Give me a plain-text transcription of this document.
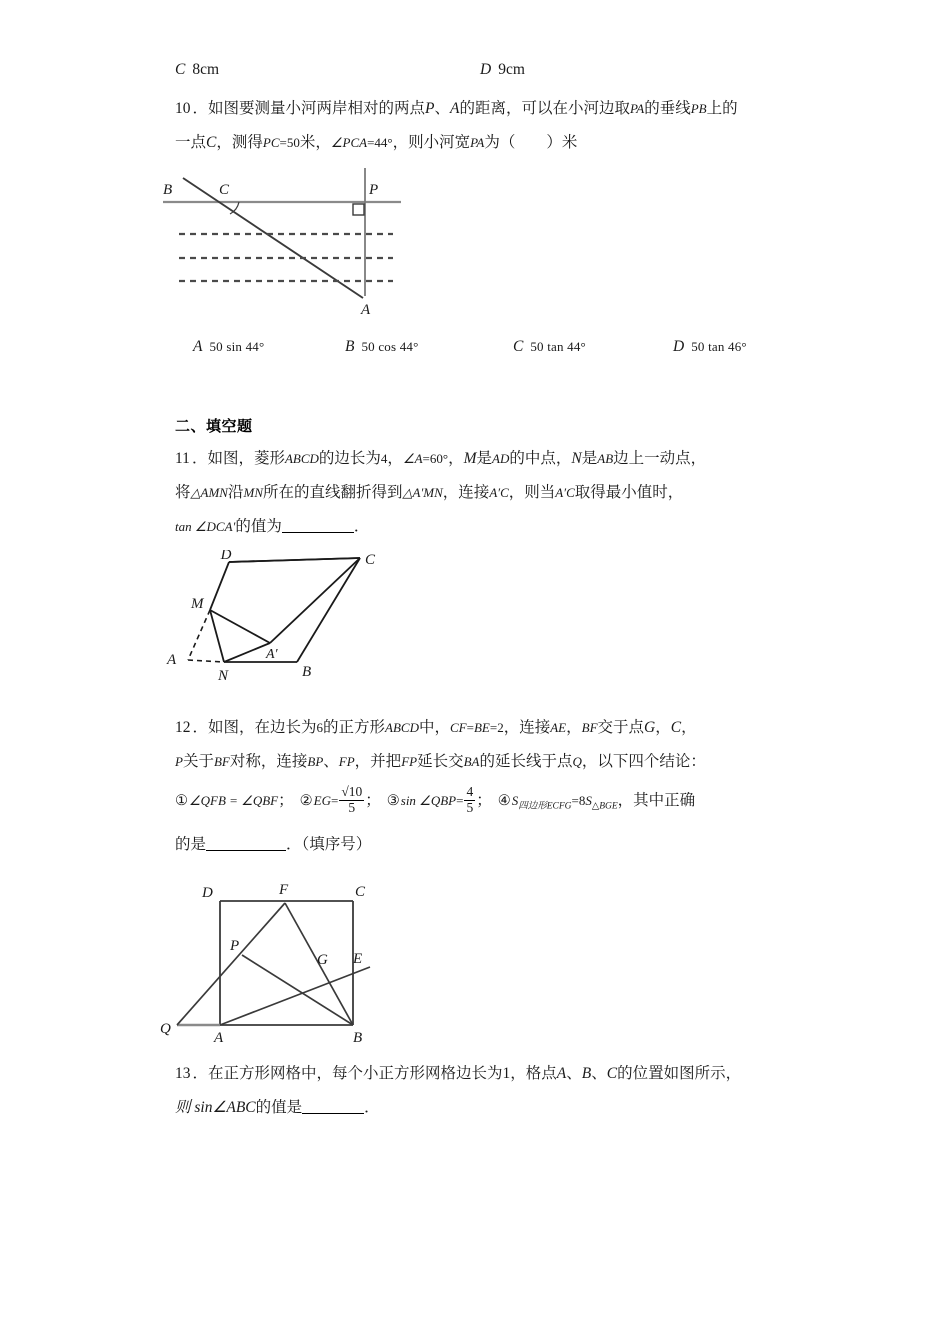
C 8cm	D 9cm
10 ．如图要测量小河两岸相对的两点P、A的距离，可以在小河边取PA的垂线PB上的
一点C，测得PC=50米，∠PCA=44°，则小河宽PA为（　　）米
B	C	P
A
A 50 sin 44°	B 50 cos 44°	C 50 tan 44°	D 50 tan 46°
二、填空题
11 ．如图，菱形ABCD的边长为4，∠A=60°，M是AD的中点，N是AB边上一动点，
将△AMN沿MN所在的直线翻折得到△A′MN，连接A′C，则当A′C取得最小值时，
tan ∠DCA′的值为	．
D	C
M
A	A′
N	B
12 ．如图，在边长为6的正方形ABCD中，CF=BE=2，连接AE，BF交于点G，C，
P关于BF对称，连接BP、FP，并把FP延长交BA的延长线于点Q，以下四个结论：
①∠QFB = ∠QBF； ②EG= $\frac{√10}{5}$ ； ③sin ∠QBP= $\frac{4}{5}$ ； $④S_{四边形ECFG}=8S_{\triangle BGE}$，其中正确
的是	．（填序号）
D	F	C
P
G E
Q
A	B
13 ．在正方形网格中，每个小正方形网格边长为1，格点A、B、C的位置如图所示，
则 sin∠ABC的值是	．
